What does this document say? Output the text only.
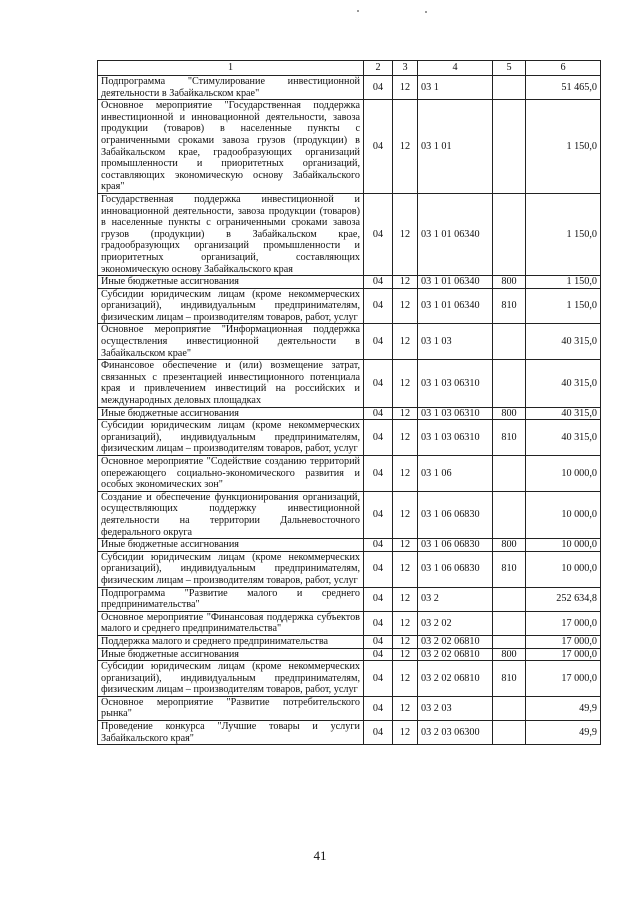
1	2	3	4	5	6
Подпрограмма "Стимулирование инвестиционной деятельности в Забайкальском крае"	04	12	03 1		51 465,0
Основное мероприятие "Государственная поддержка инвестиционной и инновационной деятельности, завоза продукции (товаров) в населенные пункты с ограниченными сроками завоза грузов (продукции) в Забайкальском крае, градообразующих организаций промышленности и приоритетных организаций, составляющих экономическую основу Забайкальского края"	04	12	03 1 01		1 150,0
Государственная поддержка инвестиционной и инновационной деятельности, завоза продукции (товаров) в населенные пункты с ограниченными сроками завоза грузов (продукции) в Забайкальском крае, градообразующих организаций промышленности и приоритетных организаций, составляющих экономическую основу Забайкальского края	04	12	03 1 01 06340		1 150,0
Иные бюджетные ассигнования	04	12	03 1 01 06340	800	1 150,0
Субсидии юридическим лицам (кроме некоммерческих организаций), индивидуальным предпринимателям, физическим лицам – производителям товаров, работ, услуг	04	12	03 1 01 06340	810	1 150,0
Основное мероприятие "Информационная поддержка осуществления инвестиционной деятельности в Забайкальском крае"	04	12	03 1 03		40 315,0
Финансовое обеспечение и (или) возмещение затрат, связанных с презентацией инвестиционного потенциала края и привлечением инвестиций на российских и международных деловых площадках	04	12	03 1 03 06310		40 315,0
Иные бюджетные ассигнования	04	12	03 1 03 06310	800	40 315,0
Субсидии юридическим лицам (кроме некоммерческих организаций), индивидуальным предпринимателям, физическим лицам – производителям товаров, работ, услуг	04	12	03 1 03 06310	810	40 315,0
Основное мероприятие "Содействие созданию территорий опережающего социально-экономического развития и особых экономических зон"	04	12	03 1 06		10 000,0
Создание и обеспечение функционирования организаций, осуществляющих поддержку инвестиционной деятельности на территории Дальневосточного федерального округа	04	12	03 1 06 06830		10 000,0
Иные бюджетные ассигнования	04	12	03 1 06 06830	800	10 000,0
Субсидии юридическим лицам (кроме некоммерческих организаций), индивидуальным предпринимателям, физическим лицам – производителям товаров, работ, услуг	04	12	03 1 06 06830	810	10 000,0
Подпрограмма "Развитие малого и среднего предпринимательства"	04	12	03 2		252 634,8
Основное мероприятие "Финансовая поддержка субъектов малого и среднего предпринимательства"	04	12	03 2 02		17 000,0
Поддержка малого и среднего предпринимательства	04	12	03 2 02 06810		17 000,0
Иные бюджетные ассигнования	04	12	03 2 02 06810	800	17 000,0
Субсидии юридическим лицам (кроме некоммерческих организаций), индивидуальным предпринимателям, физическим лицам – производителям товаров, работ, услуг	04	12	03 2 02 06810	810	17 000,0
Основное мероприятие "Развитие потребительского рынка"	04	12	03 2 03		49,9
Проведение конкурса "Лучшие товары и услуги Забайкальского края"	04	12	03 2 03 06300		49,9
41
